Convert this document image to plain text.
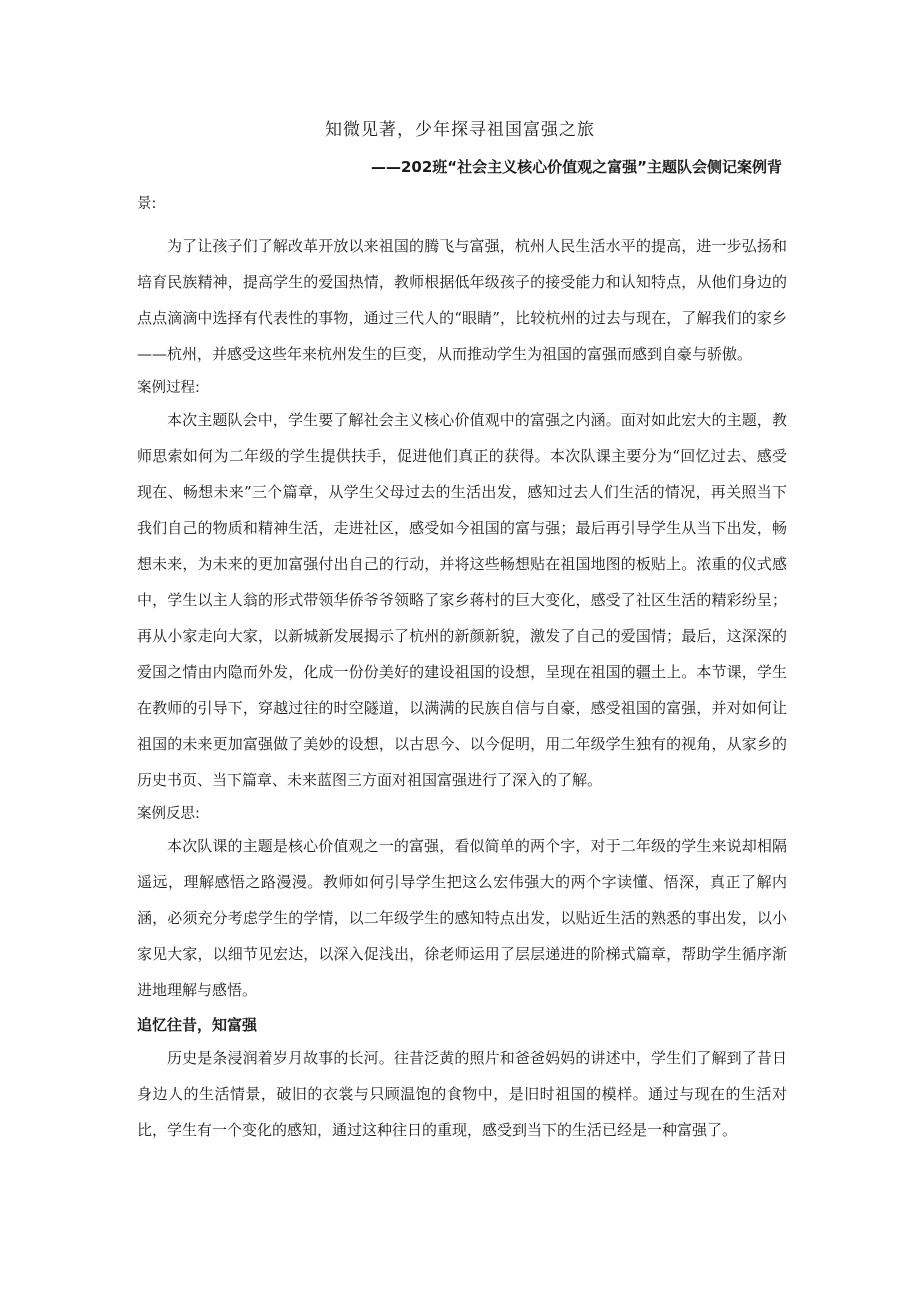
知微见著，少年探寻祖国富强之旅
——202班“社会主义核心价值观之富强”主题队会侧记案例背

景:

为了让孩子们了解改革开放以来祖国的腾飞与富强，杭州人民生活水平的提高，进一步弘扬和培育民族精神，提高学生的爱国热情，教师根据低年级孩子的接受能力和认知特点，从他们身边的点点滴滴中选择有代表性的事物，通过三代人的“眼睛”，比较杭州的过去与现在，了解我们的家乡——杭州，并感受这些年来杭州发生的巨变，从而推动学生为祖国的富强而感到自豪与骄傲。

案例过程:

本次主题队会中，学生要了解社会主义核心价值观中的富强之内涵。面对如此宏大的主题，教师思索如何为二年级的学生提供扶手，促进他们真正的获得。本次队课主要分为“回忆过去、感受现在、畅想未来”三个篇章，从学生父母过去的生活出发，感知过去人们生活的情况，再关照当下我们自己的物质和精神生活，走进社区，感受如今祖国的富与强；最后再引导学生从当下出发，畅想未来，为未来的更加富强付出自己的行动，并将这些畅想贴在祖国地图的板贴上。浓重的仪式感中，学生以主人翁的形式带领华侨爷爷领略了家乡蒋村的巨大变化，感受了社区生活的精彩纷呈；再从小家走向大家，以新城新发展揭示了杭州的新颜新貌，激发了自己的爱国情；最后，这深深的爱国之情由内隐而外发，化成一份份美好的建设祖国的设想，呈现在祖国的疆土上。本节课，学生在教师的引导下，穿越过往的时空隧道，以满满的民族自信与自豪，感受祖国的富强，并对如何让祖国的未来更加富强做了美妙的设想，以古思今、以今促明，用二年级学生独有的视角，从家乡的历史书页、当下篇章、未来蓝图三方面对祖国富强进行了深入的了解。

案例反思:

本次队课的主题是核心价值观之一的富强，看似简单的两个字，对于二年级的学生来说却相隔遥远，理解感悟之路漫漫。教师如何引导学生把这么宏伟强大的两个字读懂、悟深，真正了解内涵，必须充分考虑学生的学情，以二年级学生的感知特点出发，以贴近生活的熟悉的事出发，以小家见大家，以细节见宏达，以深入促浅出，徐老师运用了层层递进的阶梯式篇章，帮助学生循序渐进地理解与感悟。

追忆往昔，知富强

历史是条浸润着岁月故事的长河。往昔泛黄的照片和爸爸妈妈的讲述中，学生们了解到了昔日身边人的生活情景，破旧的衣裳与只顾温饱的食物中，是旧时祖国的模样。通过与现在的生活对比，学生有一个变化的感知，通过这种往日的重现，感受到当下的生活已经是一种富强了。
